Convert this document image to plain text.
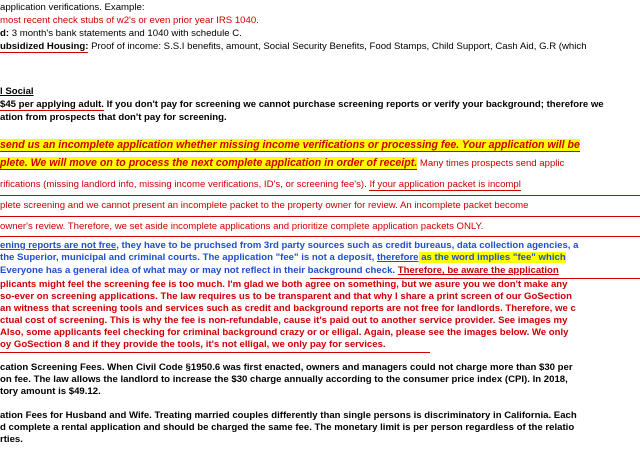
application verifications. Example:
most recent check stubs of w2's or even prior year IRS 1040.
d: 3 month's bank statements and 1040 with schedule C.
ubsidized Housing: Proof of income: S.S.I benefits, amount, Social Security Benefits, Food Stamps, Child Support, Cash Aid, G.R (which
l Social
$45 per applying adult. If you don't pay for screening we cannot purchase screening reports or verify your background; therefore we
ation from prospects that don't pay for screening.
send us an incomplete application whether missing income verifications or processing fee. Your application will be
plete. We will move on to process the next complete application in order of receipt. Many times prospects send applic
rifications (missing landlord info, missing income verifications, ID's, or screening fee's). If your application packet is incompl
plete screening and we cannot present an incomplete packet to the property owner for review. An incomplete packet become
owner's review. Therefore, we set aside incomplete applications and prioritize complete application packets ONLY.
ening reports are not free, they have to be pruchsed from 3rd party sources such as credit bureaus, data collection agencies, a
the Superior, municipal and criminal courts. The application "fee" is not a deposit, therefore as the word implies "fee" which
Everyone has a general idea of what may or may not reflect in their background check. Therefore, be aware the application
plicants might feel the screening fee is too much. I'm glad we both agree on something, but we asure you we don't make any
so-ever on screening applications. The law requires us to be transparent and that why I share a print screen of our GoSection
an witness that screening tools and services such as credit and background reports are not free for landlords. Therefore, we c
ctual cost of screening. This is why the fee is non-refundable, cause it's paid out to another service provider. See images my
Also, some applicants feel checking for criminal background crazy or or elligal. Again, please see the images below. We only
oy GoSection 8 and if they provide the tools, it's not elligal, we only pay for services.
cation Screening Fees. When Civil Code §1950.6 was first enacted, owners and managers could not charge more than $30 per
on fee. The law allows the landlord to increase the $30 charge annually according to the consumer price index (CPI). In 2018,
tory amount is $49.12.
ation Fees for Husband and Wife. Treating married couples differently than single persons is discriminatory in California. Each
d complete a rental application and should be charged the same fee. The monetary limit is per person regardless of the relatio
rties.
